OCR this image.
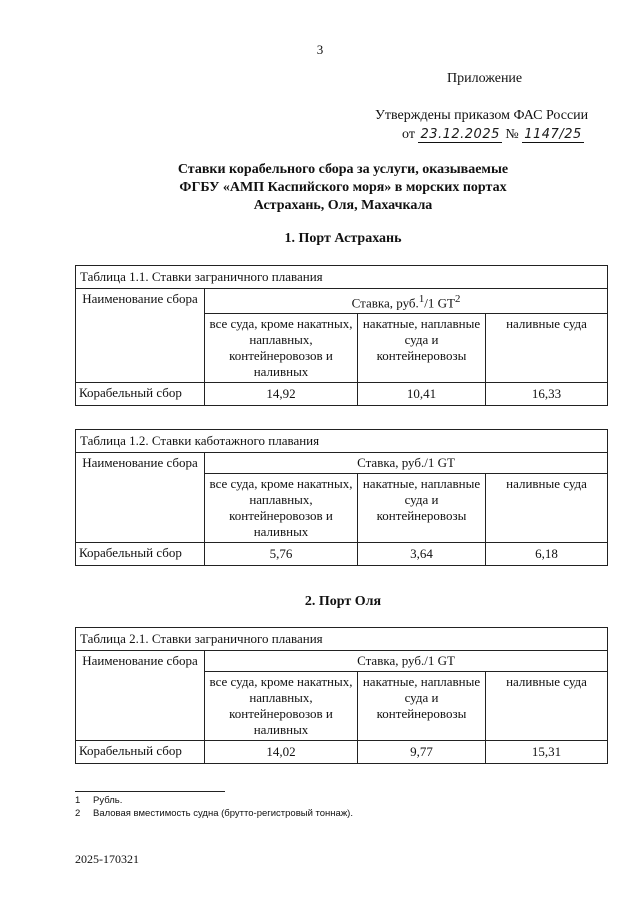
3
Приложение
Утверждены приказом ФАС России
от 23.12.2025 № 1147/25
Ставки корабельного сбора за услуги, оказываемые
ФГБУ «АМП Каспийского моря» в морских портах
Астрахань, Оля, Махачкала
1. Порт Астрахань
Таблица 1.1. Ставки заграничного плавания			
Наименование сбора	Ставка, руб.$^1$/1 $GT^2$
	все суда, кроме накатных, наплавных, контейнеровозов и наливных	накатные, наплавные суда и контейнеровозы	наливные суда
Корабельный сбор	14,92	10,41	16,33
Таблица 1.2. Ставки каботажного плавания			
Наименование сбора	Ставка, руб./1 GT		
	все суда, кроме накатных, наплавных, контейнеровозов и наливных	накатные, наплавные суда и контейнеровозы	наливные суда
Корабельный сбор	5,76	3,64	6,18
2. Порт Оля
Таблица 2.1. Ставки заграничного плавания			
Наименование сбора	Ставка, руб./1 GT		
	все суда, кроме накатных, наплавных, контейнеровозов и наливных	накатные, наплавные суда и контейнеровозы	наливные суда
Корабельный сбор	14,02	9,77	15,31
1 Рубль.
2 Валовая вместимость судна (брутто-регистровый тоннаж).
2025-170321
